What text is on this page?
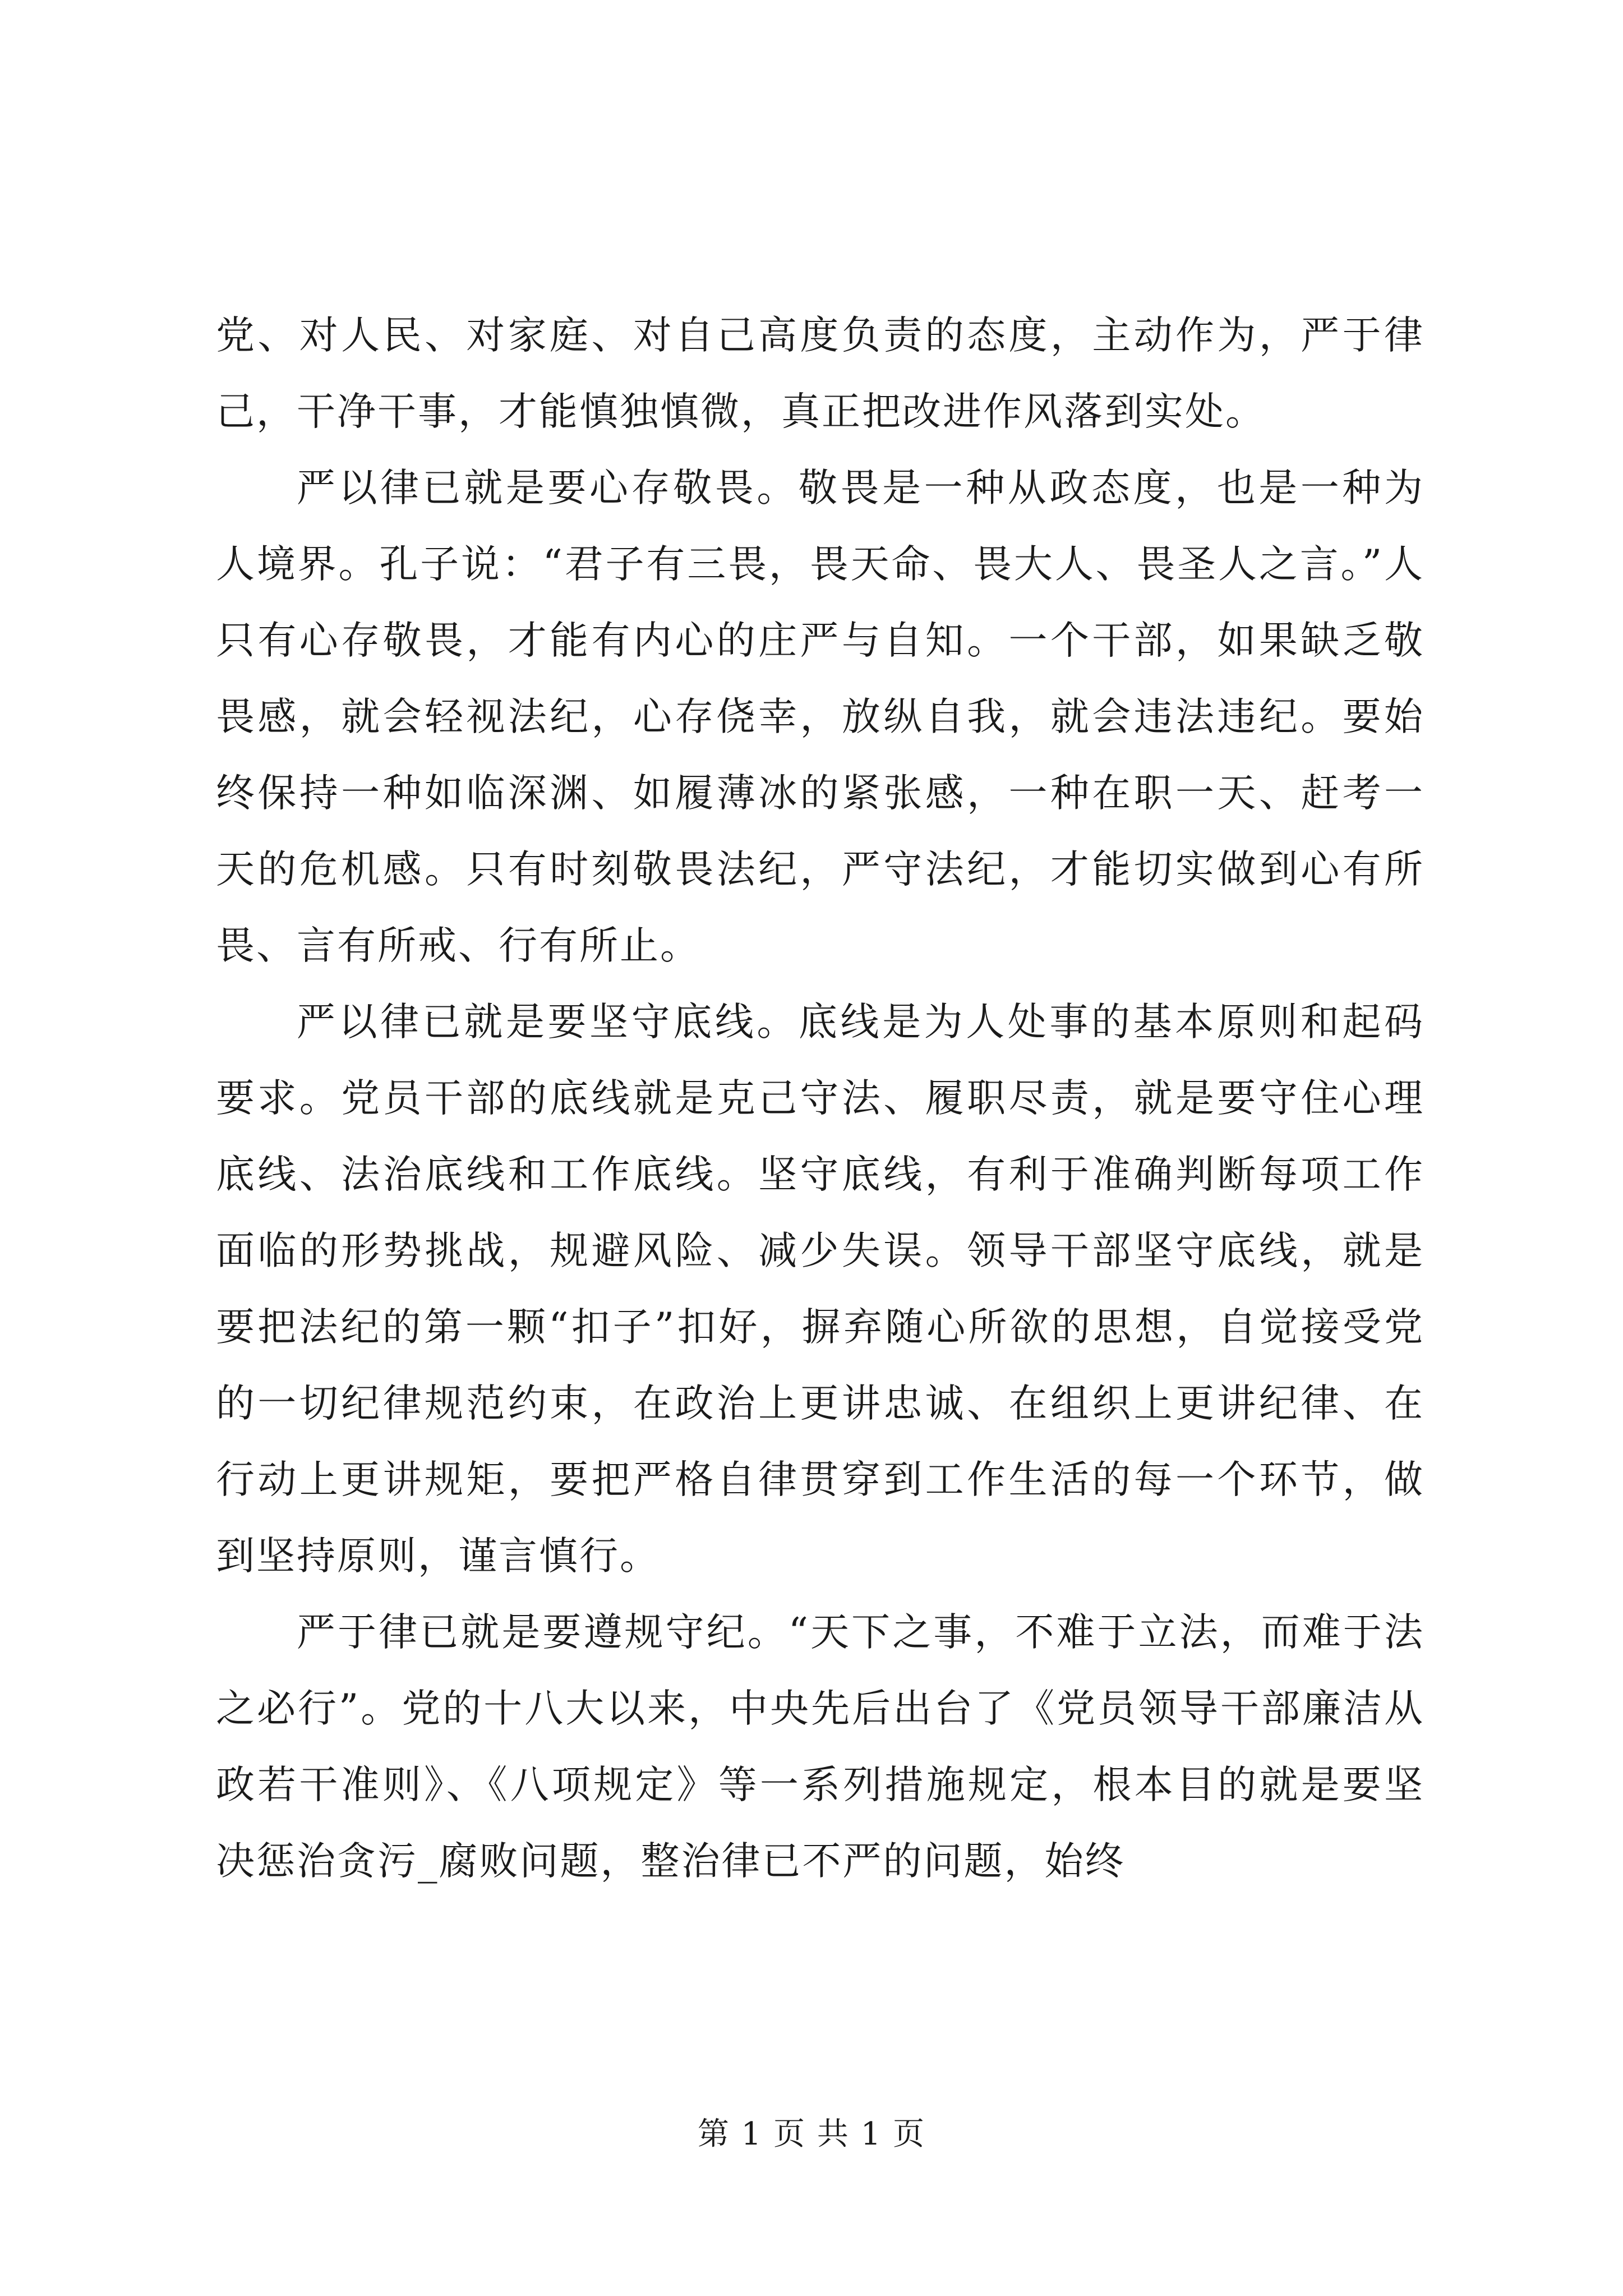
党、对人民、对家庭、对自己高度负责的态度，主动作为，严于律己，干净干事，才能慎独慎微，真正把改进作风落到实处。

严以律已就是要心存敬畏。敬畏是一种从政态度，也是一种为人境界。孔子说：“君子有三畏，畏天命、畏大人、畏圣人之言。”人只有心存敬畏，才能有内心的庄严与自知。一个干部，如果缺乏敬畏感，就会轻视法纪，心存侥幸，放纵自我，就会违法违纪。要始终保持一种如临深渊、如履薄冰的紧张感，一种在职一天、赶考一天的危机感。只有时刻敬畏法纪，严守法纪，才能切实做到心有所畏、言有所戒、行有所止。

严以律已就是要坚守底线。底线是为人处事的基本原则和起码要求。党员干部的底线就是克己守法、履职尽责，就是要守住心理底线、法治底线和工作底线。坚守底线，有利于准确判断每项工作面临的形势挑战，规避风险、减少失误。领导干部坚守底线，就是要把法纪的第一颗“扣子”扣好，摒弃随心所欲的思想，自觉接受党的一切纪律规范约束，在政治上更讲忠诚、在组织上更讲纪律、在行动上更讲规矩，要把严格自律贯穿到工作生活的每一个环节，做到坚持原则，谨言慎行。

严于律已就是要遵规守纪。“天下之事，不难于立法，而难于法之必行”。党的十八大以来，中央先后出台了《党员领导干部廉洁从政若干准则》、《八项规定》等一系列措施规定，根本目的就是要坚决惩治贪污_腐败问题，整治律已不严的问题，始终

第 1 页 共 1 页
